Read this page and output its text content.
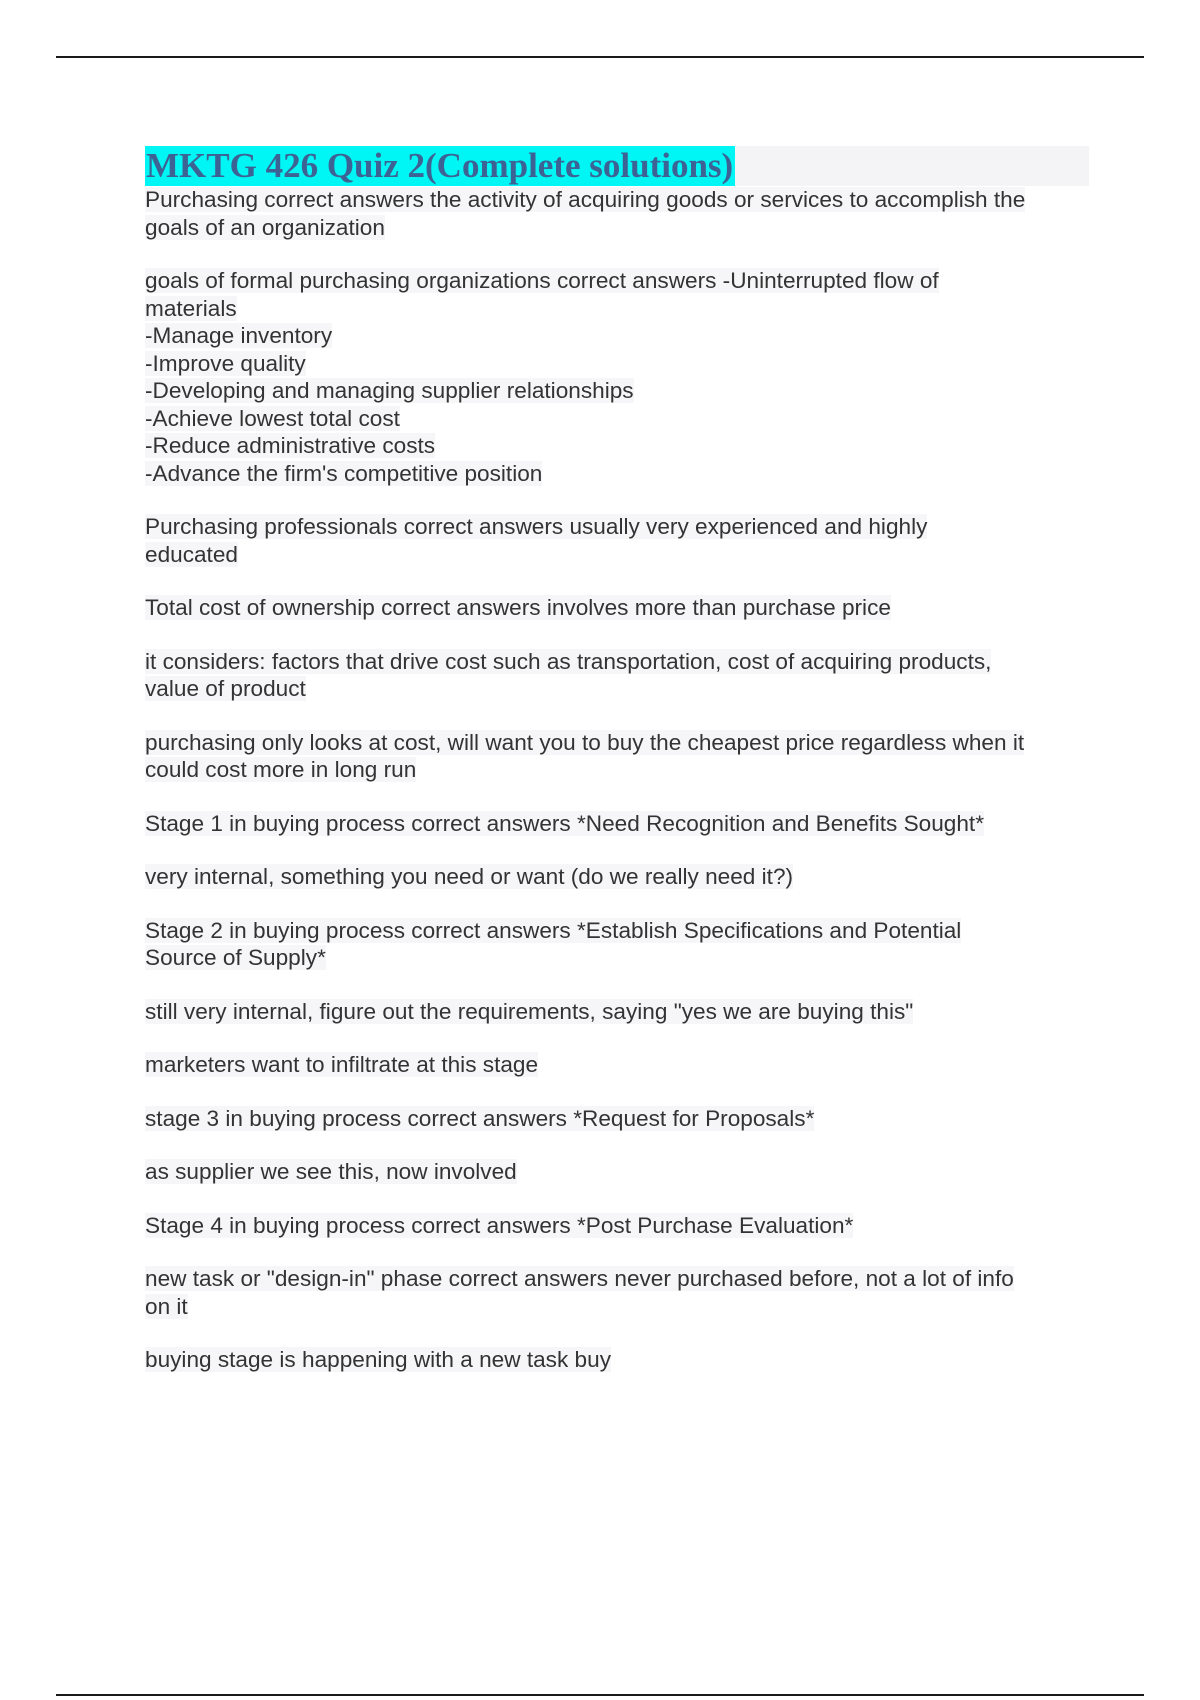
MKTG 426 Quiz 2(Complete solutions)
Purchasing correct answers the activity of acquiring goods or services to accomplish the
goals of an organization
goals of formal purchasing organizations correct answers -Uninterrupted flow of
materials
-Manage inventory
-Improve quality
-Developing and managing supplier relationships
-Achieve lowest total cost
-Reduce administrative costs
-Advance the firm's competitive position
Purchasing professionals correct answers usually very experienced and highly
educated
Total cost of ownership correct answers involves more than purchase price
it considers: factors that drive cost such as transportation, cost of acquiring products,
value of product
purchasing only looks at cost, will want you to buy the cheapest price regardless when it
could cost more in long run
Stage 1 in buying process correct answers *Need Recognition and Benefits Sought*
very internal, something you need or want (do we really need it?)
Stage 2 in buying process correct answers *Establish Specifications and Potential
Source of Supply*
still very internal, figure out the requirements, saying "yes we are buying this"
marketers want to infiltrate at this stage
stage 3 in buying process correct answers *Request for Proposals*
as supplier we see this, now involved
Stage 4 in buying process correct answers *Post Purchase Evaluation*
new task or "design-in" phase correct answers never purchased before, not a lot of info
on it
buying stage is happening with a new task buy
